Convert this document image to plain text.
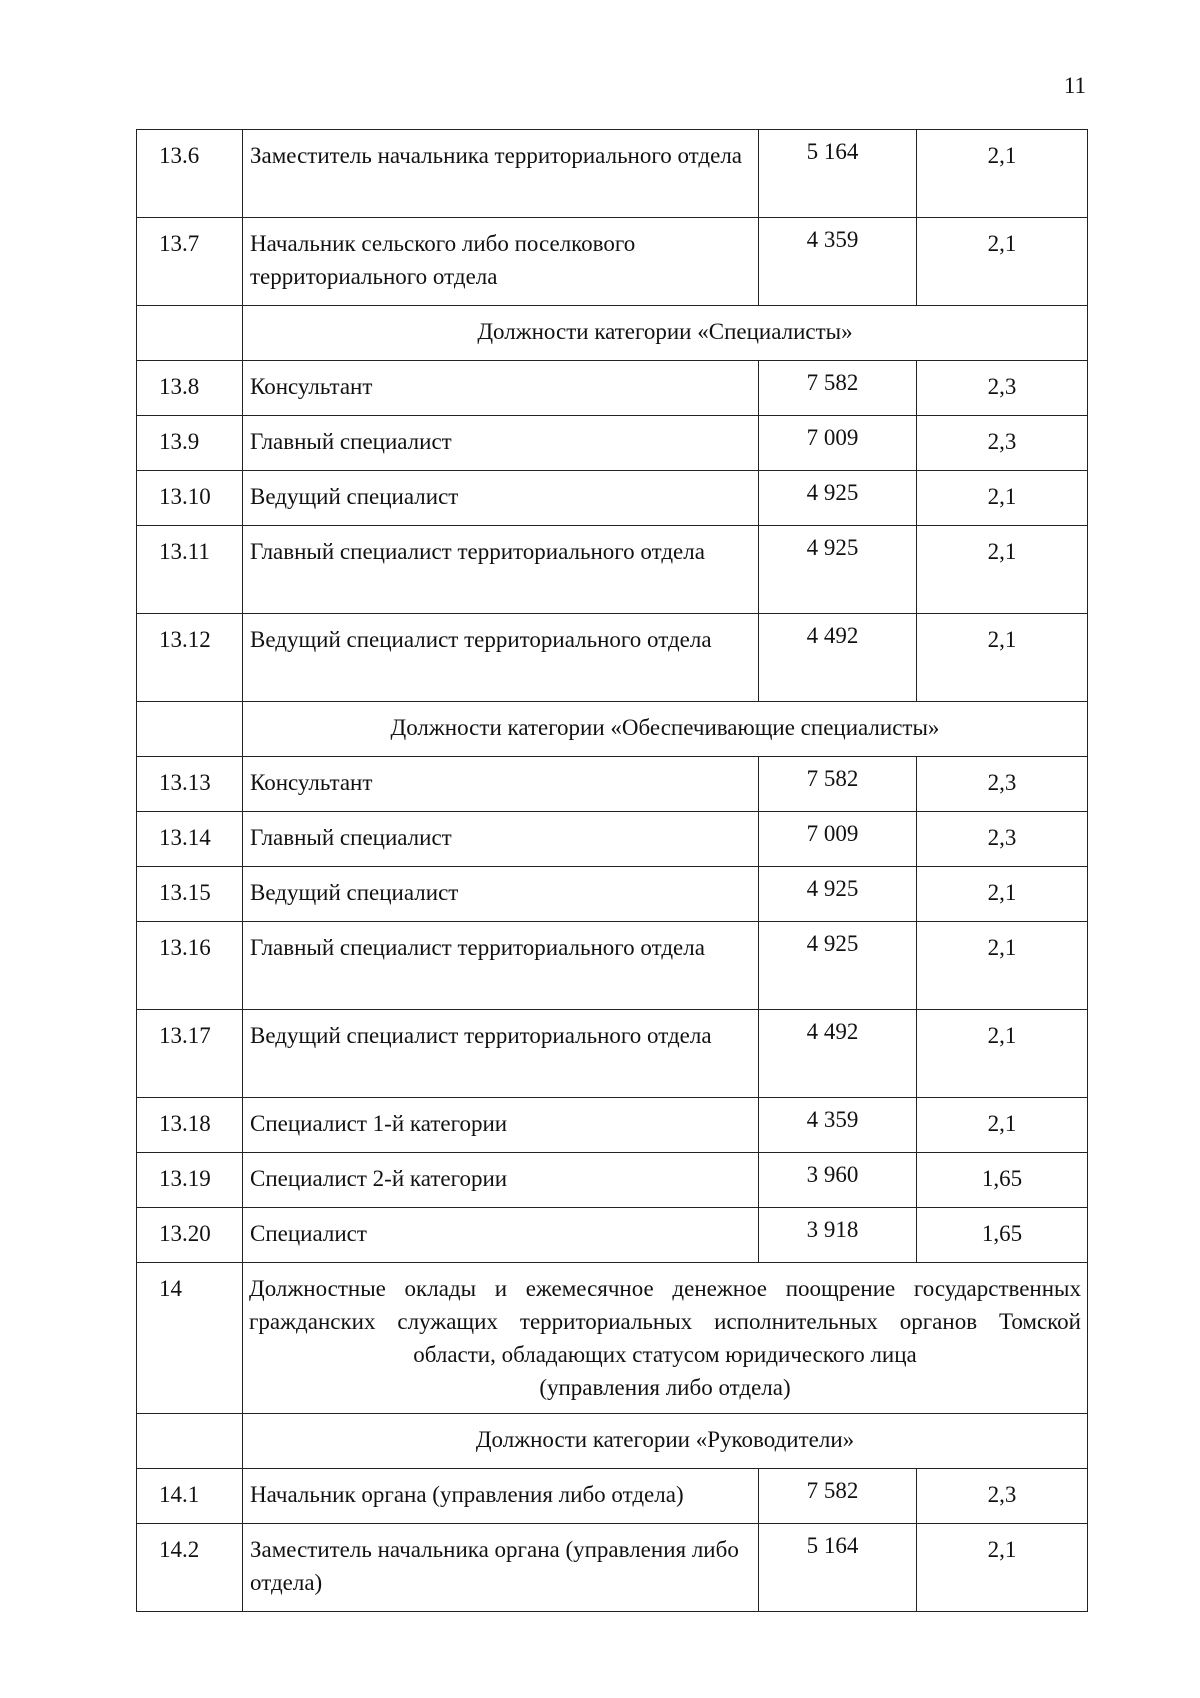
11
13.6	Заместитель начальника территориального отдела	5 164	2,1
13.7	Начальник сельского либо поселкового территориального отдела	4 359	2,1
	Должности категории «Специалисты»		
13.8	Консультант	7 582	2,3
13.9	Главный специалист	7 009	2,3
13.10	Ведущий специалист	4 925	2,1
13.11	Главный специалист территориального отдела	4 925	2,1
13.12	Ведущий специалист территориального отдела	4 492	2,1
	Должности категории «Обеспечивающие специалисты»		
13.13	Консультант	7 582	2,3
13.14	Главный специалист	7 009	2,3
13.15	Ведущий специалист	4 925	2,1
13.16	Главный специалист территориального отдела	4 925	2,1
13.17	Ведущий специалист территориального отдела	4 492	2,1
13.18	Специалист 1-й категории	4 359	2,1
13.19	Специалист 2-й категории	3 960	1,65
13.20	Специалист	3 918	1,65
14	Должностные оклады и ежемесячное денежное поощрение государственных
гражданских служащих территориальных исполнительных органов Томской
области, обладающих статусом юридического лица
(управления либо отдела)		

	Должности категории «Руководители»		
14.1	Начальник органа (управления либо отдела)	7 582	2,3
14.2	Заместитель начальника органа (управления либо отдела)	5 164	2,1
